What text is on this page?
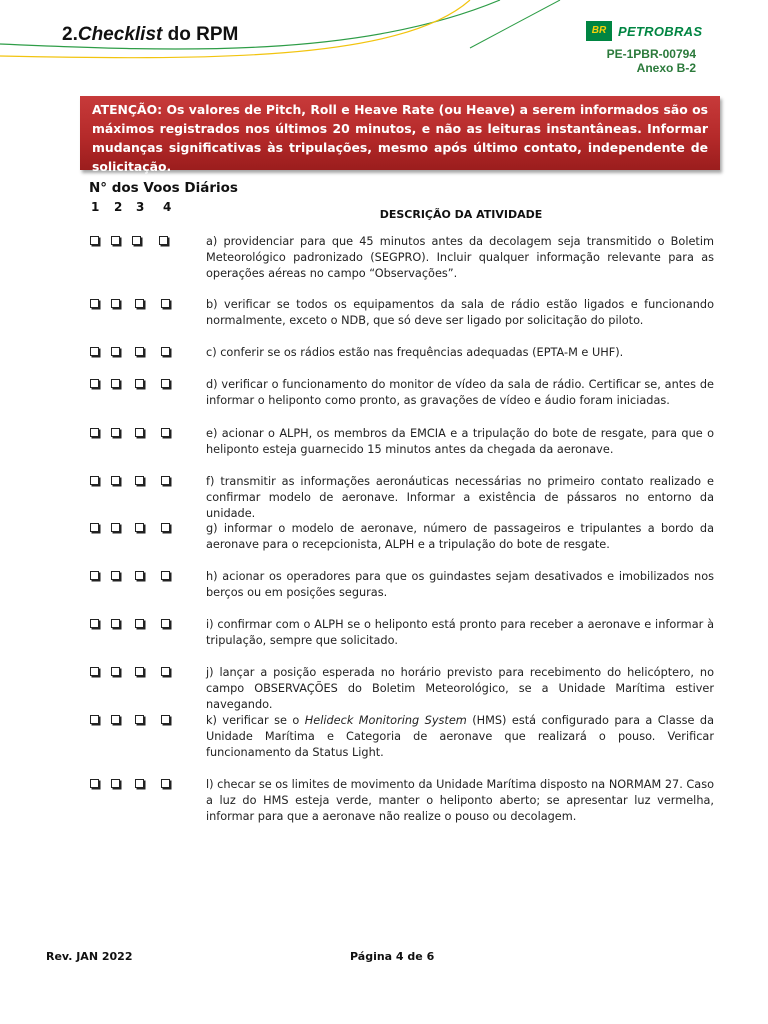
2.Checklist do RPM	BR PETROBRAS
PE-1PBR-00794
Anexo B-2
ATENÇÃO: Os valores de Pitch, Roll e Heave Rate (ou Heave) a serem informados são os máximos registrados nos últimos 20 minutos, e não as leituras instantâneas. Informar mudanças significativas às tripulações, mesmo após último contato, independente de solicitação.
N° dos Voos Diários
1 2 3 4
DESCRIÇÃO DA ATIVIDADE
a) providenciar para que 45 minutos antes da decolagem seja transmitido o Boletim Meteorológico padronizado (SEGPRO). Incluir qualquer informação relevante para as operações aéreas no campo “Observações”.
b) verificar se todos os equipamentos da sala de rádio estão ligados e funcionando normalmente, exceto o NDB, que só deve ser ligado por solicitação do piloto.
c) conferir se os rádios estão nas frequências adequadas (EPTA-M e UHF).
d) verificar o funcionamento do monitor de vídeo da sala de rádio. Certificar se, antes de informar o heliponto como pronto, as gravações de vídeo e áudio foram iniciadas.
e) acionar o ALPH, os membros da EMCIA e a tripulação do bote de resgate, para que o heliponto esteja guarnecido 15 minutos antes da chegada da aeronave.
f) transmitir as informações aeronáuticas necessárias no primeiro contato realizado e confirmar modelo de aeronave. Informar a existência de pássaros no entorno da unidade.
g) informar o modelo de aeronave, número de passageiros e tripulantes a bordo da aeronave para o recepcionista, ALPH e a tripulação do bote de resgate.
h) acionar os operadores para que os guindastes sejam desativados e imobilizados nos berços ou em posições seguras.
i) confirmar com o ALPH se o heliponto está pronto para receber a aeronave e informar à tripulação, sempre que solicitado.
j) lançar a posição esperada no horário previsto para recebimento do helicóptero, no campo OBSERVAÇÕES do Boletim Meteorológico, se a Unidade Marítima estiver navegando.
k) verificar se o Helideck Monitoring System (HMS) está configurado para a Classe da Unidade Marítima e Categoria de aeronave que realizará o pouso. Verificar funcionamento da Status Light.
l) checar se os limites de movimento da Unidade Marítima disposto na NORMAM 27. Caso a luz do HMS esteja verde, manter o heliponto aberto; se apresentar luz vermelha, informar para que a aeronave não realize o pouso ou decolagem.
Rev. JAN 2022	Página 4 de 6
